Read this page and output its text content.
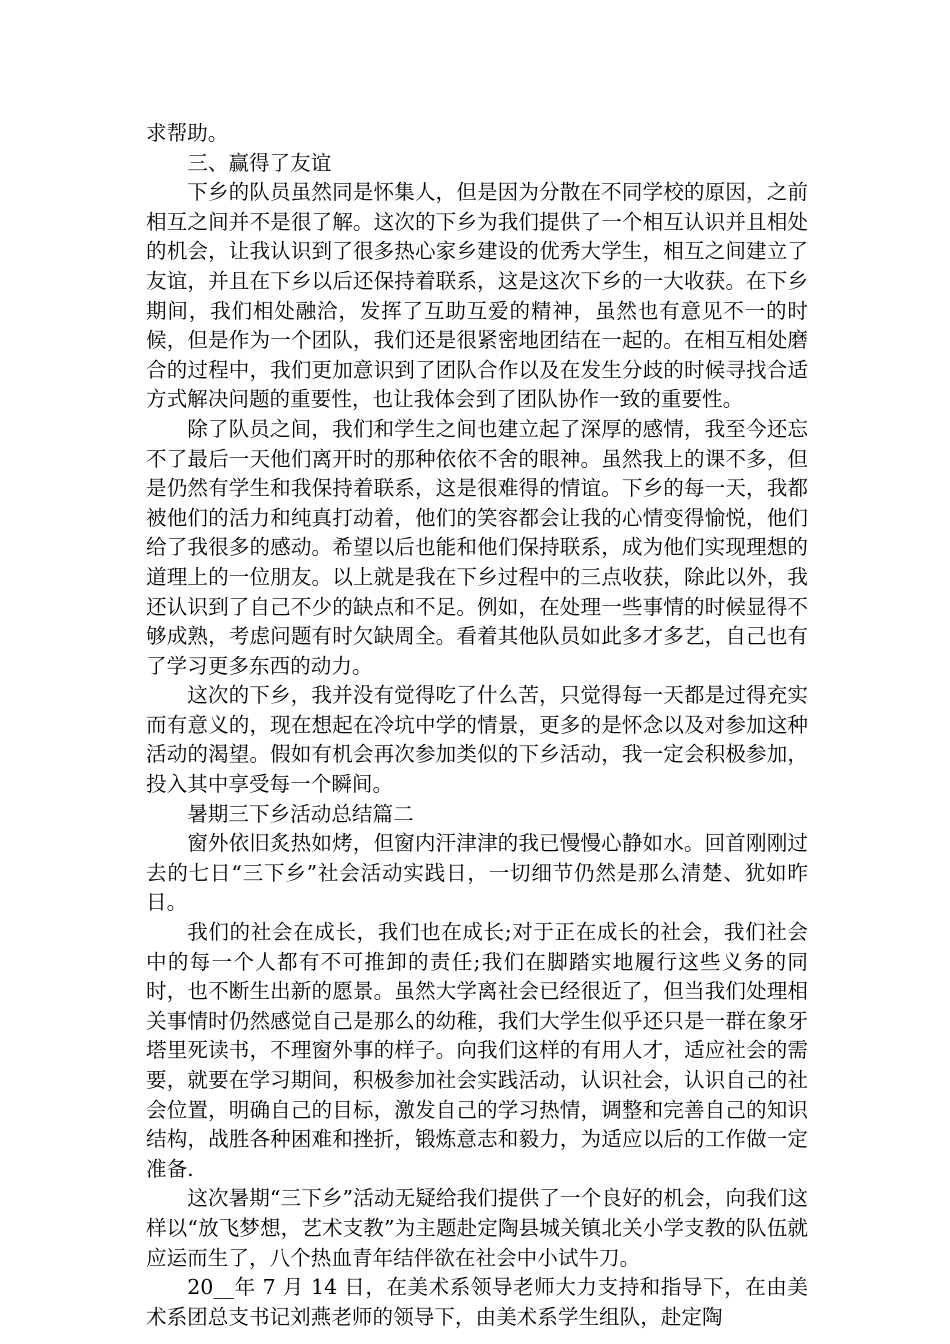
求帮助。

三、赢得了友谊

下乡的队员虽然同是怀集人，但是因为分散在不同学校的原因，之前相互之间并不是很了解。这次的下乡为我们提供了一个相互认识并且相处的机会，让我认识到了很多热心家乡建设的优秀大学生，相互之间建立了友谊，并且在下乡以后还保持着联系，这是这次下乡的一大收获。在下乡期间，我们相处融洽，发挥了互助互爱的精神，虽然也有意见不一的时候，但是作为一个团队，我们还是很紧密地团结在一起的。在相互相处磨合的过程中，我们更加意识到了团队合作以及在发生分歧的时候寻找合适方式解决问题的重要性，也让我体会到了团队协作一致的重要性。

除了队员之间，我们和学生之间也建立起了深厚的感情，我至今还忘不了最后一天他们离开时的那种依依不舍的眼神。虽然我上的课不多，但是仍然有学生和我保持着联系，这是很难得的情谊。下乡的每一天，我都被他们的活力和纯真打动着，他们的笑容都会让我的心情变得愉悦，他们给了我很多的感动。希望以后也能和他们保持联系，成为他们实现理想的道理上的一位朋友。以上就是我在下乡过程中的三点收获，除此以外，我还认识到了自己不少的缺点和不足。例如，在处理一些事情的时候显得不够成熟，考虑问题有时欠缺周全。看着其他队员如此多才多艺，自己也有了学习更多东西的动力。

这次的下乡，我并没有觉得吃了什么苦，只觉得每一天都是过得充实而有意义的，现在想起在冷坑中学的情景，更多的是怀念以及对参加这种活动的渴望。假如有机会再次参加类似的下乡活动，我一定会积极参加，投入其中享受每一个瞬间。

暑期三下乡活动总结篇二

窗外依旧炙热如烤，但窗内汗津津的我已慢慢心静如水。回首刚刚过去的七日“三下乡”社会活动实践日，一切细节仍然是那么清楚、犹如昨日。

我们的社会在成长，我们也在成长;对于正在成长的社会，我们社会中的每一个人都有不可推卸的责任;我们在脚踏实地履行这些义务的同时，也不断生出新的愿景。虽然大学离社会已经很近了，但当我们处理相关事情时仍然感觉自己是那么的幼稚，我们大学生似乎还只是一群在象牙塔里死读书，不理窗外事的样子。向我们这样的有用人才，适应社会的需要，就要在学习期间，积极参加社会实践活动，认识社会，认识自己的社会位置，明确自己的目标，激发自己的学习热情，调整和完善自己的知识结构，战胜各种困难和挫折，锻炼意志和毅力，为适应以后的工作做一定准备.

这次暑期“三下乡”活动无疑给我们提供了一个良好的机会，向我们这样以“放飞梦想，艺术支教”为主题赴定陶县城关镇北关小学支教的队伍就应运而生了，八个热血青年结伴欲在社会中小试牛刀。

20__年 7 月 14 日，在美术系领导老师大力支持和指导下，在由美术系团总支书记刘燕老师的领导下，由美术系学生组队，赴定陶
